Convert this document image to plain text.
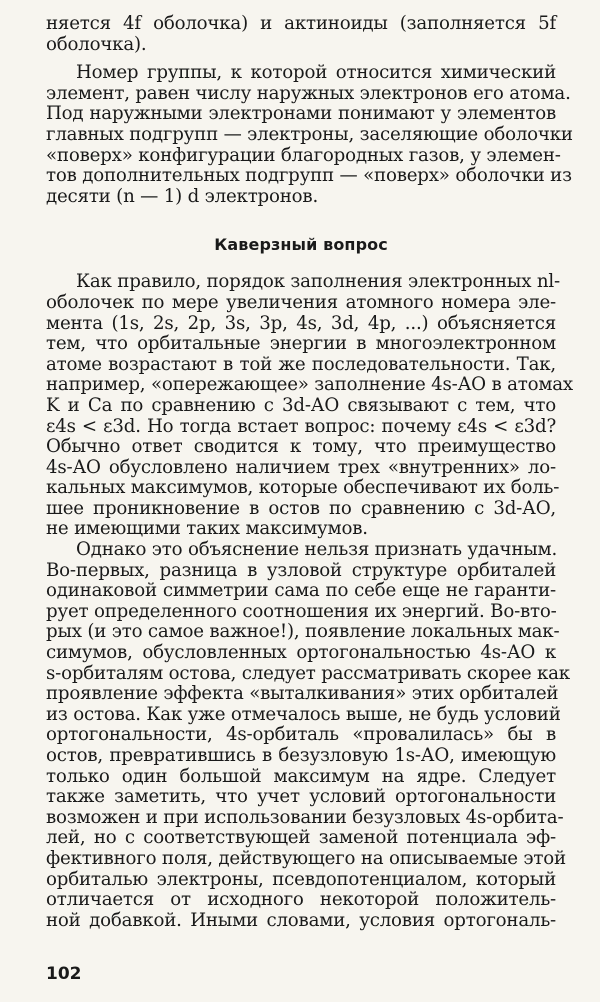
няется 4f оболочка) и актиноиды (заполняется 5f
оболочка).

Номер группы, к которой относится химический
элемент, равен числу наружных электронов его атома.
Под наружными электронами понимают у элементов
главных подгрупп — электроны, заселяющие оболочки
«поверх» конфигурации благородных газов, у элемен-
тов дополнительных подгрупп — «поверх» оболочки из
десяти (n — 1) d электронов.

Каверзный вопрос

Как правило, порядок заполнения электронных nl-
оболочек по мере увеличения атомного номера эле-
мента (1s, 2s, 2p, 3s, 3p, 4s, 3d, 4p, ...) объясняется
тем, что орбитальные энергии в многоэлектронном
атоме возрастают в той же последовательности. Так,
например, «опережающее» заполнение 4s-АО в атомах
K и Ca по сравнению с 3d-АО связывают с тем, что
ε4s < ε3d. Но тогда встает вопрос: почему ε4s < ε3d?
Обычно ответ сводится к тому, что преимущество
4s-АО обусловлено наличием трех «внутренних» ло-
кальных максимумов, которые обеспечивают их боль-
шее проникновение в остов по сравнению с 3d-АО,
не имеющими таких максимумов.

Однако это объяснение нельзя признать удачным.
Во-первых, разница в узловой структуре орбиталей
одинаковой симметрии сама по себе еще не гаранти-
рует определенного соотношения их энергий. Во-вто-
рых (и это самое важное!), появление локальных мак-
симумов, обусловленных ортогональностью 4s-АО к
s-орбиталям остова, следует рассматривать скорее как
проявление эффекта «выталкивания» этих орбиталей
из остова. Как уже отмечалось выше, не будь условий
ортогональности, 4s-орбиталь «провалилась» бы в
остов, превратившись в безузловую 1s-АО, имеющую
только один большой максимум на ядре. Следует
также заметить, что учет условий ортогональности
возможен и при использовании безузловых 4s-орбита-
лей, но с соответствующей заменой потенциала эф-
фективного поля, действующего на описываемые этой
орбиталью электроны, псевдопотенциалом, который
отличается от исходного некоторой положитель-
ной добавкой. Иными словами, условия ортогональ-

102
